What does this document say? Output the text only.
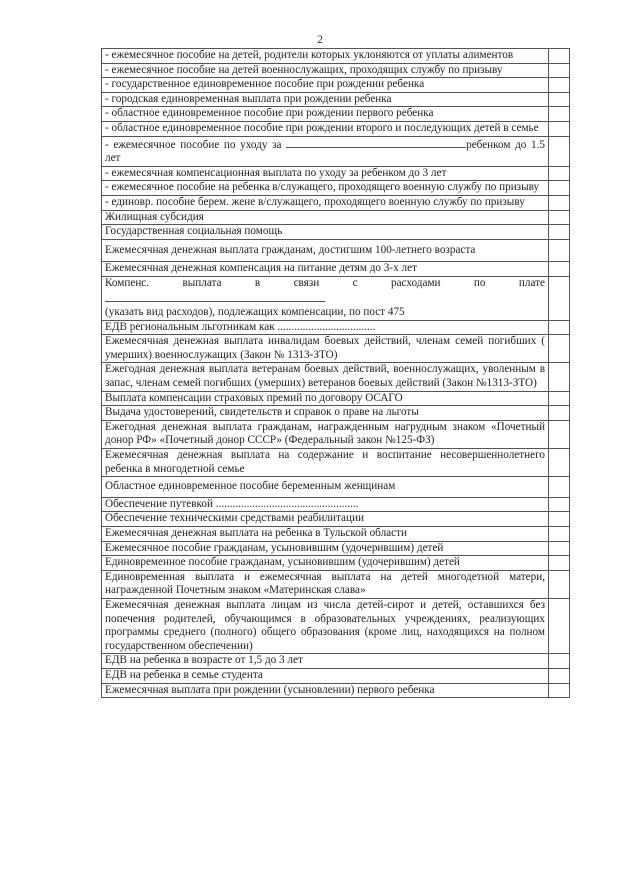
2
- ежемесячное пособие на детей, родители которых уклоняются от уплаты алиментов	
- ежемесячное пособие на детей военнослужащих, проходящих службу по призыву	
- государственное единовременное пособие при рождении ребенка	
- городская единовременная выплата при рождении ребенка	
- областное единовременное пособие при рождении первого ребенка	
- областное единовременное пособие при рождении второго и последующих детей в семье	
- ежемесячное пособие по уходу за ребенком до 1.5 лет	
- ежемесячная компенсационная выплата по уходу за ребенком до 3 лет	
- ежемесячное пособие на ребенка в/служащего, проходящего военную службу по призыву	
- единовр. пособие берем. жене в/служащего, проходящего военную службу по призыву	
Жилищная субсидия	
Государственная социальная помощь	
Ежемесячная денежная выплата гражданам, достигшим 100-летнего возраста	
Ежемесячная денежная компенсация на питание детям до 3-х лет	

Компенс. выплата в связи с расходами по плате
(указать вид расходов), подлежащих компенсации, по пост 475	

ЕДВ региональным льготникам как ...................................	
Ежемесячная денежная выплата инвалидам боевых действий, членам семей погибших ( умерших) военнослужащих (Закон № 1313-ЗТО)	
Ежегодная денежная выплата ветеранам боевых действий, военнослужащих, уволенным в запас, членам семей погибших (умерших) ветеранов боевых действий (Закон №1313-ЗТО)	
Выплата компенсации страховых премий по договору ОСАГО	
Выдача удостоверений, свидетельств и справок о праве на льготы	
Ежегодная денежная выплата гражданам, награжденным нагрудным знаком «Почетный донор РФ» «Почетный донор СССР» (Федеральный закон №125-ФЗ)	
Ежемесячная денежная выплата на содержание и воспитание несовершеннолетнего ребенка в многодетной семье	
Областное единовременное пособие беременным женщинам	
Обеспечение путевкой ...................................................	
Обеспечение техническими средствами реабилитации	
Ежемесячная денежная выплата на ребенка в Тульской области	
Ежемесячное пособие гражданам, усыновившим (удочерившим) детей	
Единовременное пособие гражданам, усыновившим (удочерившим) детей	
Единовременная выплата и ежемесячная выплата на детей многодетной матери, награжденной Почетным знаком «Материнская слава»	
Ежемесячная денежная выплата лицам из числа детей-сирот и детей, оставшихся без попечения родителей, обучающимся в образовательных учреждениях, реализующих программы среднего (полного) общего образования (кроме лиц, находящихся на полном государственном обеспечении)	
ЕДВ на ребенка в возрасте от 1,5 до 3 лет	
ЕДВ на ребенка в семье студента	
Ежемесячная выплата при рождении (усыновлении) первого ребенка	
